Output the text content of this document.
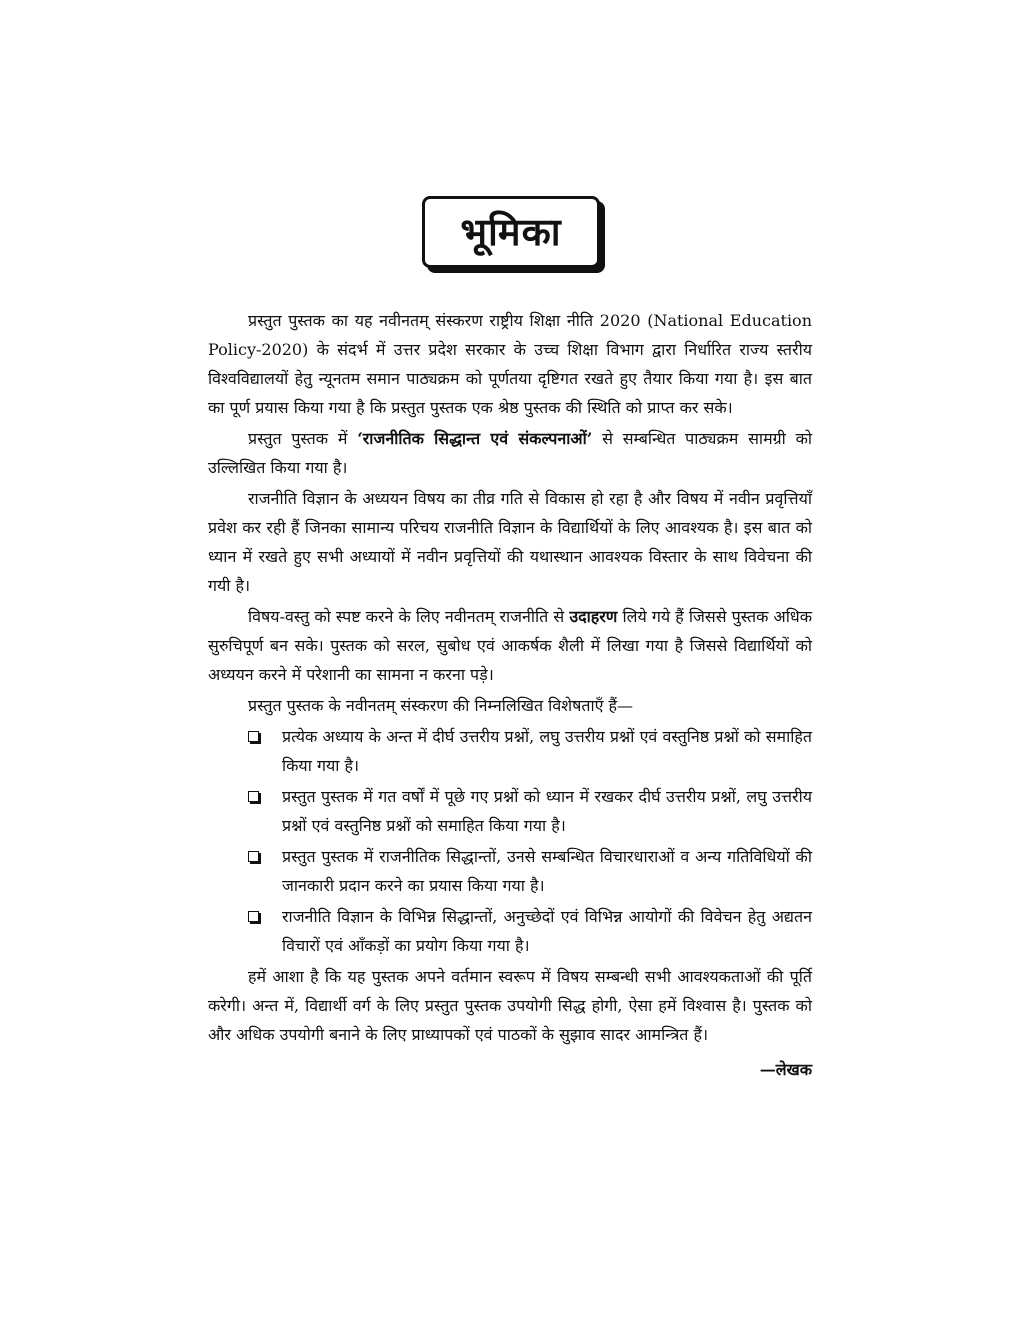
भूमिका

प्रस्तुत पुस्तक का यह नवीनतम् संस्करण राष्ट्रीय शिक्षा नीति 2020 (National Education Policy-2020) के संदर्भ में उत्तर प्रदेश सरकार के उच्च शिक्षा विभाग द्वारा निर्धारित राज्य स्तरीय विश्वविद्यालयों हेतु न्यूनतम समान पाठ्यक्रम को पूर्णतया दृष्टिगत रखते हुए तैयार किया गया है। इस बात का पूर्ण प्रयास किया गया है कि प्रस्तुत पुस्तक एक श्रेष्ठ पुस्तक की स्थिति को प्राप्त कर सके।

प्रस्तुत पुस्तक में ‘राजनीतिक सिद्धान्त एवं संकल्पनाओं’ से सम्बन्धित पाठ्यक्रम सामग्री को उल्लिखित किया गया है।

राजनीति विज्ञान के अध्ययन विषय का तीव्र गति से विकास हो रहा है और विषय में नवीन प्रवृत्तियाँ प्रवेश कर रही हैं जिनका सामान्य परिचय राजनीति विज्ञान के विद्यार्थियों के लिए आवश्यक है। इस बात को ध्यान में रखते हुए सभी अध्यायों में नवीन प्रवृत्तियों की यथास्थान आवश्यक विस्तार के साथ विवेचना की गयी है।

विषय-वस्तु को स्पष्ट करने के लिए नवीनतम् राजनीति से उदाहरण लिये गये हैं जिससे पुस्तक अधिक सुरुचिपूर्ण बन सके। पुस्तक को सरल, सुबोध एवं आकर्षक शैली में लिखा गया है जिससे विद्यार्थियों को अध्ययन करने में परेशानी का सामना न करना पड़े।

प्रस्तुत पुस्तक के नवीनतम् संस्करण की निम्नलिखित विशेषताएँ हैं—

प्रत्येक अध्याय के अन्त में दीर्घ उत्तरीय प्रश्नों, लघु उत्तरीय प्रश्नों एवं वस्तुनिष्ठ प्रश्नों को समाहित किया गया है।
प्रस्तुत पुस्तक में गत वर्षों में पूछे गए प्रश्नों को ध्यान में रखकर दीर्घ उत्तरीय प्रश्नों, लघु उत्तरीय प्रश्नों एवं वस्तुनिष्ठ प्रश्नों को समाहित किया गया है।
प्रस्तुत पुस्तक में राजनीतिक सिद्धान्तों, उनसे सम्बन्धित विचारधाराओं व अन्य गतिविधियों की जानकारी प्रदान करने का प्रयास किया गया है।
राजनीति विज्ञान के विभिन्न सिद्धान्तों, अनुच्छेदों एवं विभिन्न आयोगों की विवेचन हेतु अद्यतन विचारों एवं आँकड़ों का प्रयोग किया गया है।

हमें आशा है कि यह पुस्तक अपने वर्तमान स्वरूप में विषय सम्बन्धी सभी आवश्यकताओं की पूर्ति करेगी। अन्त में, विद्यार्थी वर्ग के लिए प्रस्तुत पुस्तक उपयोगी सिद्ध होगी, ऐसा हमें विश्वास है। पुस्तक को और अधिक उपयोगी बनाने के लिए प्राध्यापकों एवं पाठकों के सुझाव सादर आमन्त्रित हैं।

—लेखक
